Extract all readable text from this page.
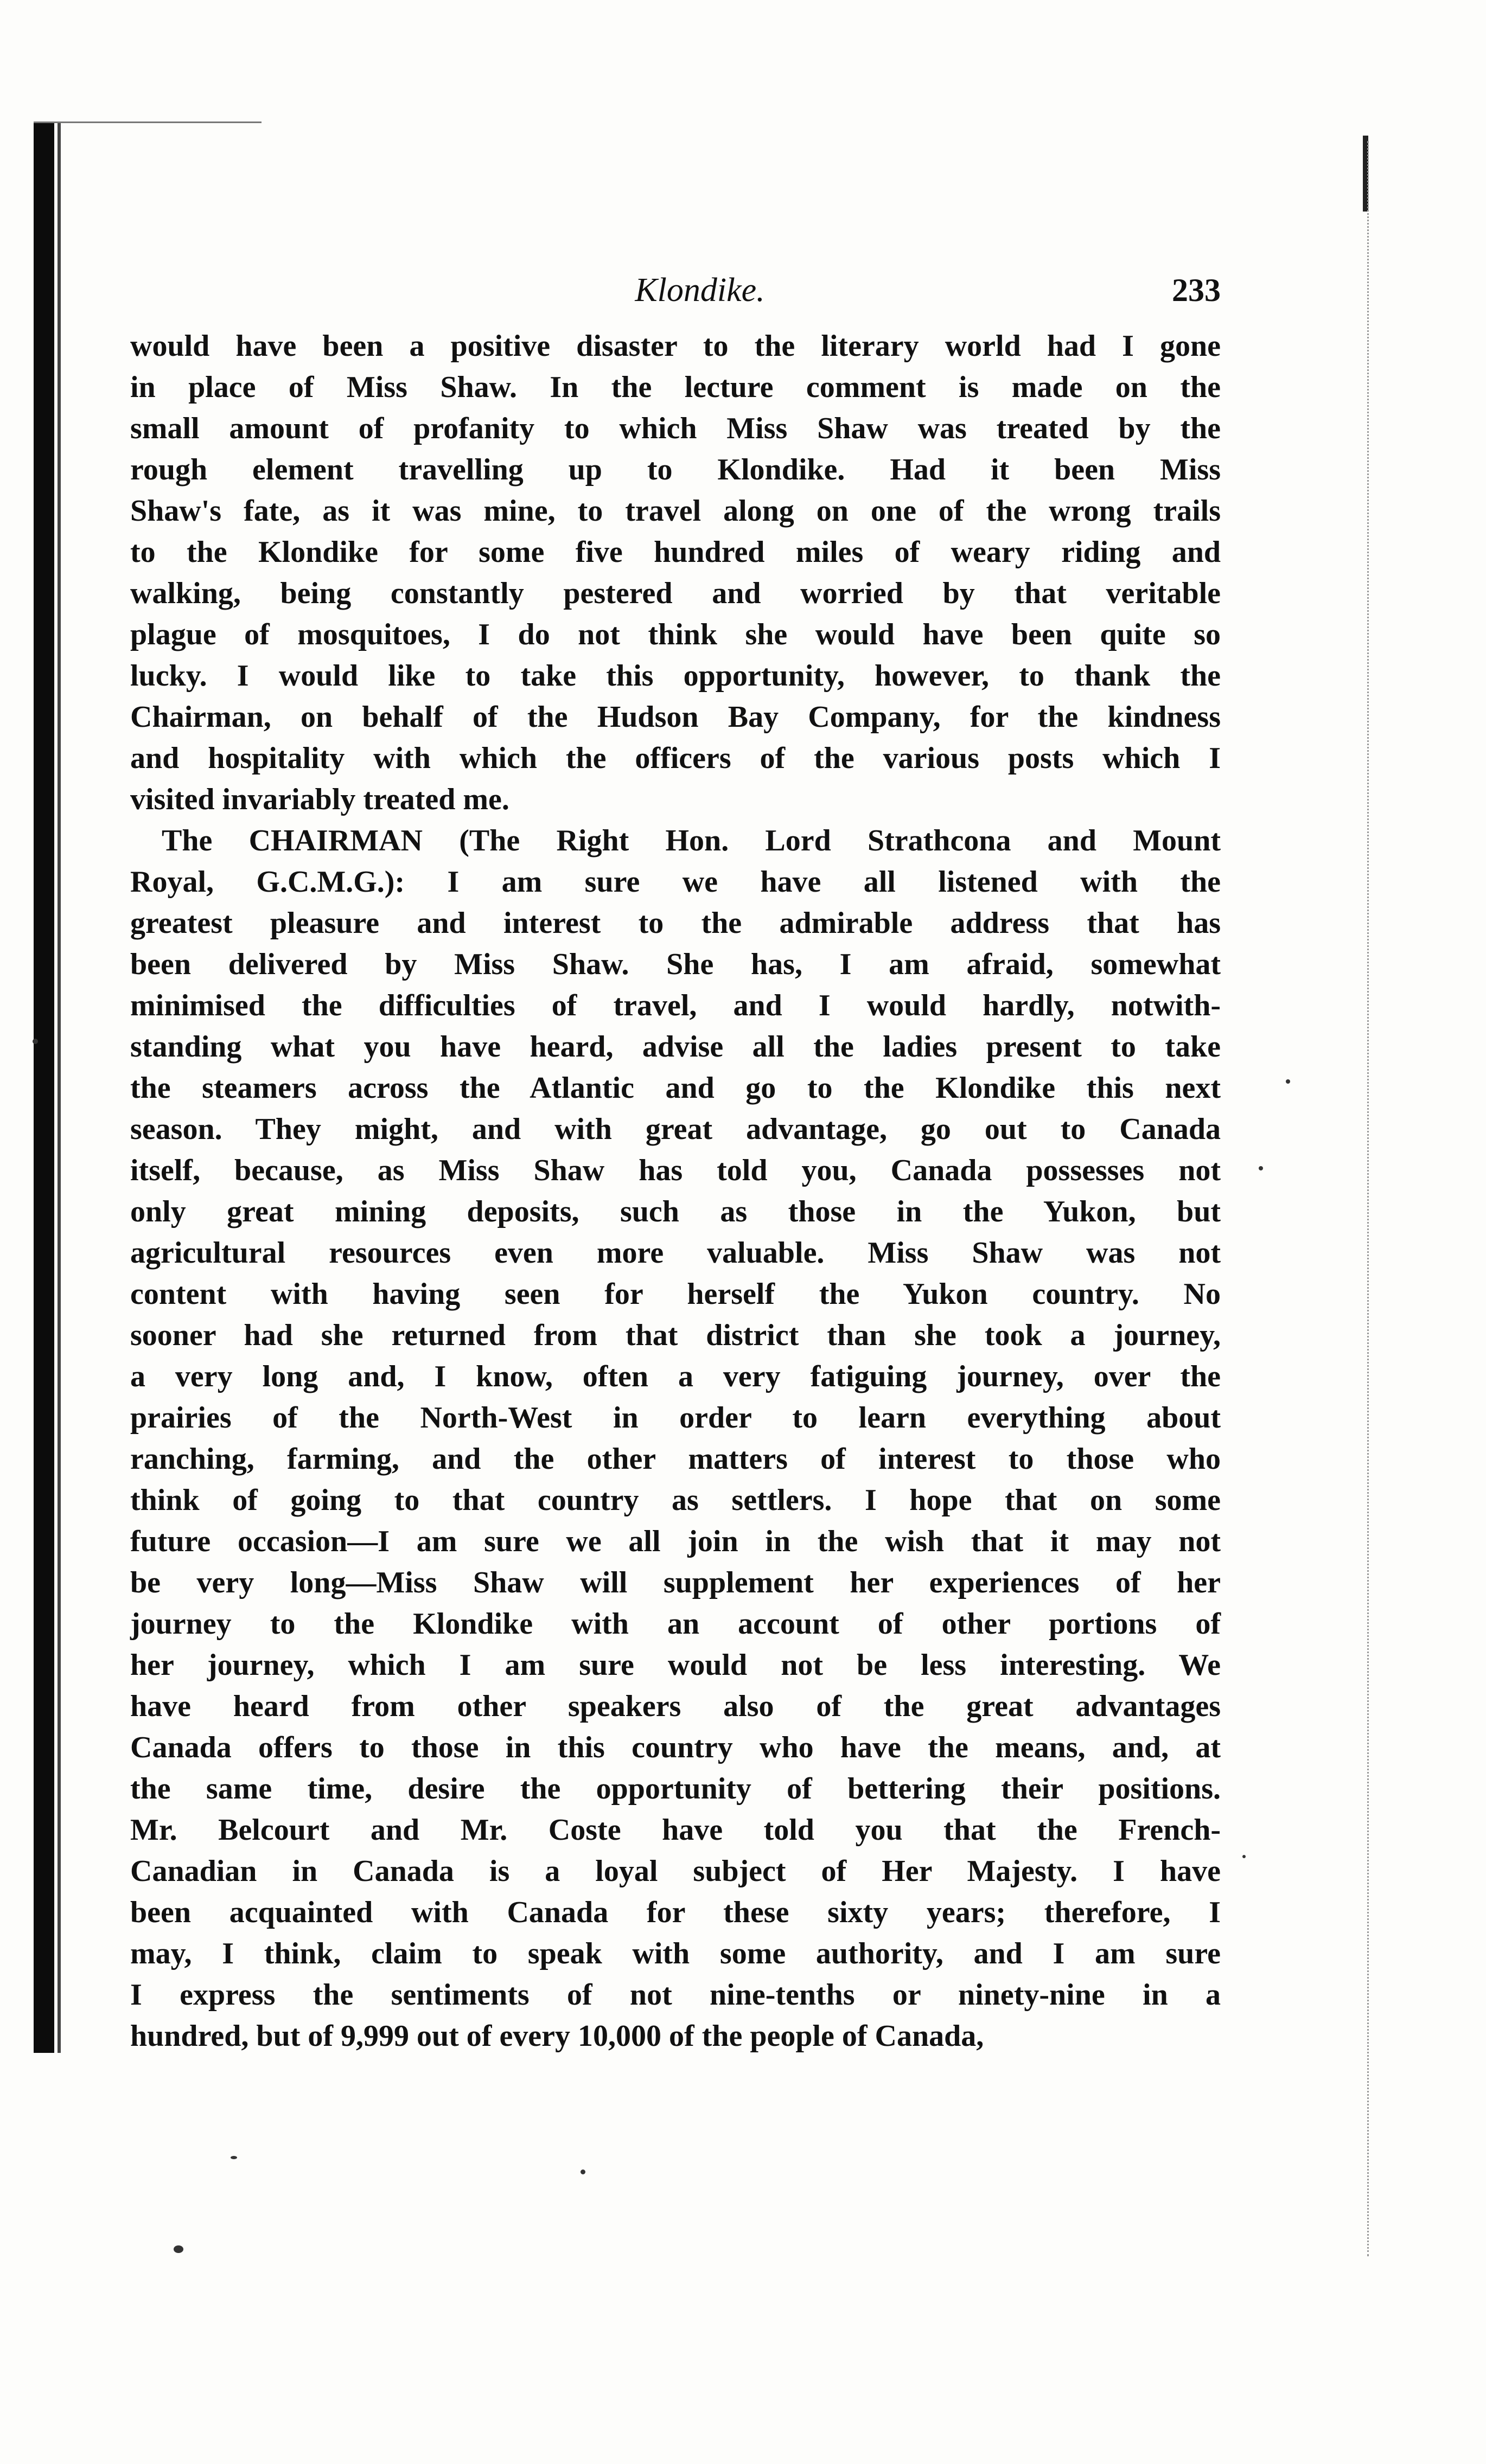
Klondike.	233
would have been a positive disaster to the literary world had I gone
in place of Miss Shaw. In the lecture comment is made on the
small amount of profanity to which Miss Shaw was treated by the
rough element travelling up to Klondike. Had it been Miss
Shaw's fate, as it was mine, to travel along on one of the wrong trails
to the Klondike for some five hundred miles of weary riding and
walking, being constantly pestered and worried by that veritable
plague of mosquitoes, I do not think she would have been quite so
lucky. I would like to take this opportunity, however, to thank the
Chairman, on behalf of the Hudson Bay Company, for the kindness
and hospitality with which the officers of the various posts which I
visited invariably treated me.
The CHAIRMAN (The Right Hon. Lord Strathcona and Mount
Royal, G.C.M.G.): I am sure we have all listened with the
greatest pleasure and interest to the admirable address that has
been delivered by Miss Shaw. She has, I am afraid, somewhat
minimised the difficulties of travel, and I would hardly, notwith-
standing what you have heard, advise all the ladies present to take
the steamers across the Atlantic and go to the Klondike this next
season. They might, and with great advantage, go out to Canada
itself, because, as Miss Shaw has told you, Canada possesses not
only great mining deposits, such as those in the Yukon, but
agricultural resources even more valuable. Miss Shaw was not
content with having seen for herself the Yukon country. No
sooner had she returned from that district than she took a journey,
a very long and, I know, often a very fatiguing journey, over the
prairies of the North-West in order to learn everything about
ranching, farming, and the other matters of interest to those who
think of going to that country as settlers. I hope that on some
future occasion—I am sure we all join in the wish that it may not
be very long—Miss Shaw will supplement her experiences of her
journey to the Klondike with an account of other portions of
her journey, which I am sure would not be less interesting. We
have heard from other speakers also of the great advantages
Canada offers to those in this country who have the means, and, at
the same time, desire the opportunity of bettering their positions.
Mr. Belcourt and Mr. Coste have told you that the French-
Canadian in Canada is a loyal subject of Her Majesty. I have
been acquainted with Canada for these sixty years; therefore, I
may, I think, claim to speak with some authority, and I am sure
I express the sentiments of not nine-tenths or ninety-nine in a
hundred, but of 9,999 out of every 10,000 of the people of Canada,
